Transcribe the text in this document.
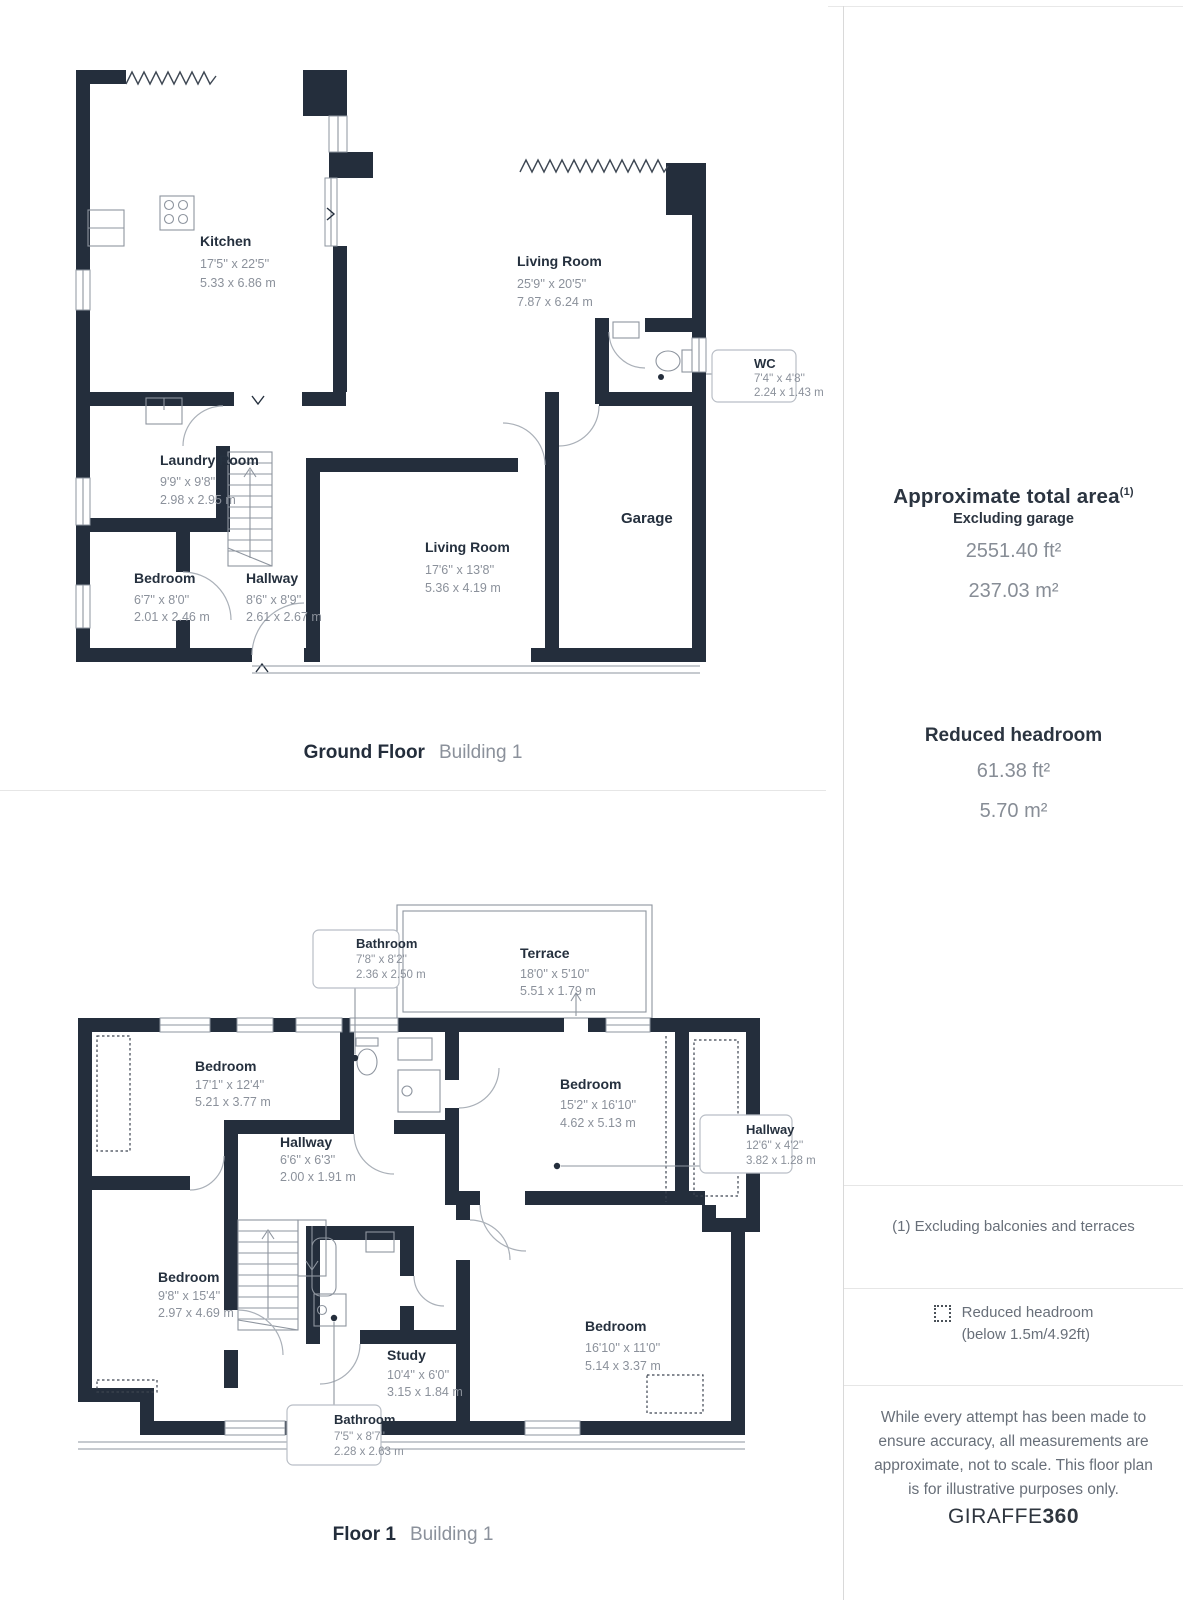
Kitchen
17'5'' x 22'5''
5.33 x 6.86 m
Living Room
25'9'' x 20'5''
7.87 x 6.24 m
WC
7'4'' x 4'8''
2.24 x 1.43 m
Laundry Room
9'9'' x 9'8''
2.98 x 2.95 m
Garage
Living Room
17'6'' x 13'8''
5.36 x 4.19 m
Bedroom
6'7'' x 8'0''
2.01 x 2.46 m
Hallway
8'6'' x 8'9''
2.61 x 2.67 m
Ground Floor Building 1
Bathroom
7'8'' x 8'2''
2.36 x 2.50 m
Terrace
18'0'' x 5'10''
5.51 x 1.79 m
Bedroom
17'1'' x 12'4''
5.21 x 3.77 m
Hallway
6'6'' x 6'3''
2.00 x 1.91 m
Bedroom
15'2'' x 16'10''
4.62 x 5.13 m	Hallway
12'6'' x 4'2''
3.82 x 1.28 m
Bedroom
9'8'' x 15'4''
2.97 x 4.69 m
Study
10'4'' x 6'0''
3.15 x 1.84 m
Bedroom
16'10'' x 11'0''
5.14 x 3.37 m
Bathroom
7'5'' x 8'7''
2.28 x 2.63 m
Floor 1 Building 1
Approximate total area$^{(1)}$
Excluding garage
2551.40 ft²
237.03 m²
Reduced headroom
61.38 ft²
5.70 m²
(1) Excluding balconies and terraces
Reduced headroom
(below 1.5m/4.92ft)
While every attempt has been made to ensure accuracy, all measurements are approximate, not to scale. This floor plan is for illustrative purposes only.
GIRAFFE360
